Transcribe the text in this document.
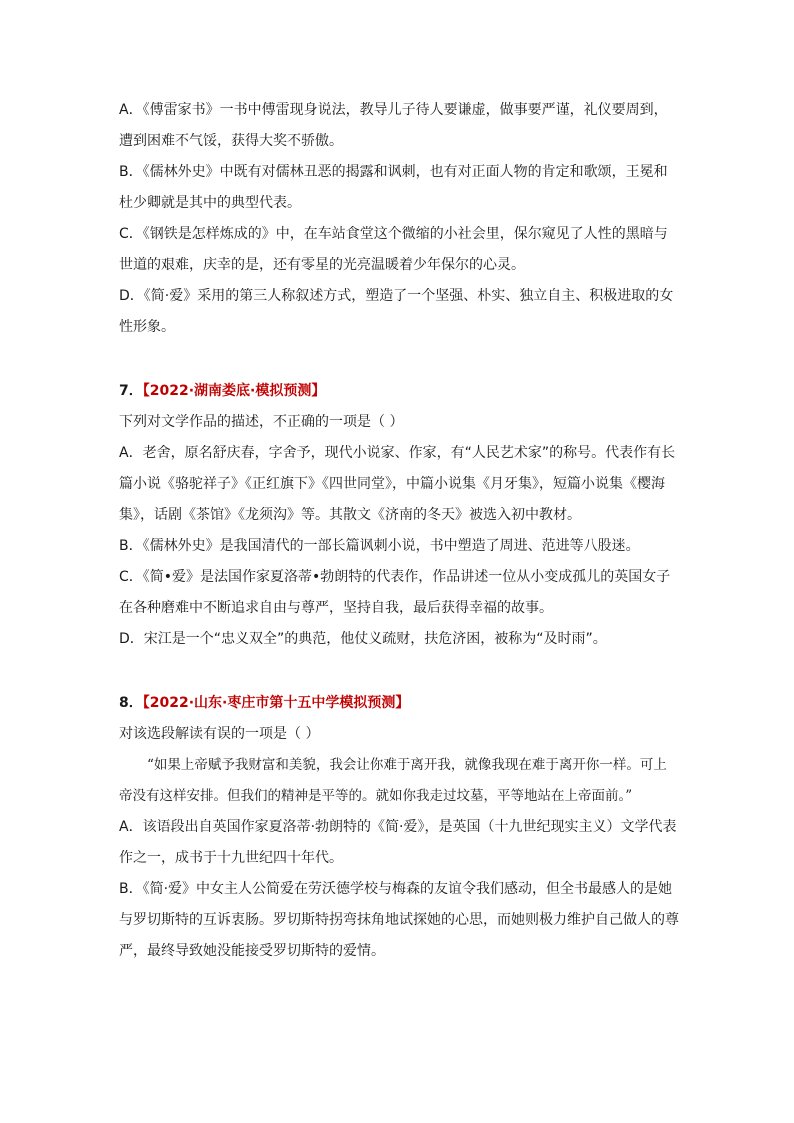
A．《傅雷家书》一书中傅雷现身说法，教导儿子待人要谦虚，做事要严谨，礼仪要周到，遭到困难不气馁，获得大奖不骄傲。

B．《儒林外史》中既有对儒林丑恶的揭露和讽刺，也有对正面人物的肯定和歌颂，王冕和杜少卿就是其中的典型代表。

C．《钢铁是怎样炼成的》中，在车站食堂这个微缩的小社会里，保尔窥见了人性的黑暗与世道的艰难，庆幸的是，还有零星的光亮温暖着少年保尔的心灵。

D．《简·爱》采用的第三人称叙述方式，塑造了一个坚强、朴实、独立自主、积极进取的女性形象。

7．【2022·湖南娄底·模拟预测】

下列对文学作品的描述，不正确的一项是（ ）

A．老舍，原名舒庆春，字舍予，现代小说家、作家，有“人民艺术家”的称号。代表作有长篇小说《骆驼祥子》《正红旗下》《四世同堂》，中篇小说集《月牙集》，短篇小说集《樱海集》，话剧《茶馆》《龙须沟》等。其散文《济南的冬天》被选入初中教材。

B．《儒林外史》是我国清代的一部长篇讽刺小说，书中塑造了周进、范进等八股迷。

C．《简•爱》是法国作家夏洛蒂•勃朗特的代表作，作品讲述一位从小变成孤儿的英国女子在各种磨难中不断追求自由与尊严，坚持自我，最后获得幸福的故事。

D．宋江是一个“忠义双全”的典范，他仗义疏财，扶危济困，被称为“及时雨”。

8．【2022·山东·枣庄市第十五中学模拟预测】

对该选段解读有误的一项是（ ）

“如果上帝赋予我财富和美貌，我会让你难于离开我，就像我现在难于离开你一样。可上帝没有这样安排。但我们的精神是平等的。就如你我走过坟墓，平等地站在上帝面前。”

A．该语段出自英国作家夏洛蒂·勃朗特的《简·爱》，是英国（十九世纪现实主义）文学代表作之一，成书于十九世纪四十年代。

B．《简·爱》中女主人公简爱在劳沃德学校与梅森的友谊令我们感动，但全书最感人的是她与罗切斯特的互诉衷肠。罗切斯特拐弯抹角地试探她的心思，而她则极力维护自己做人的尊严，最终导致她没能接受罗切斯特的爱情。
